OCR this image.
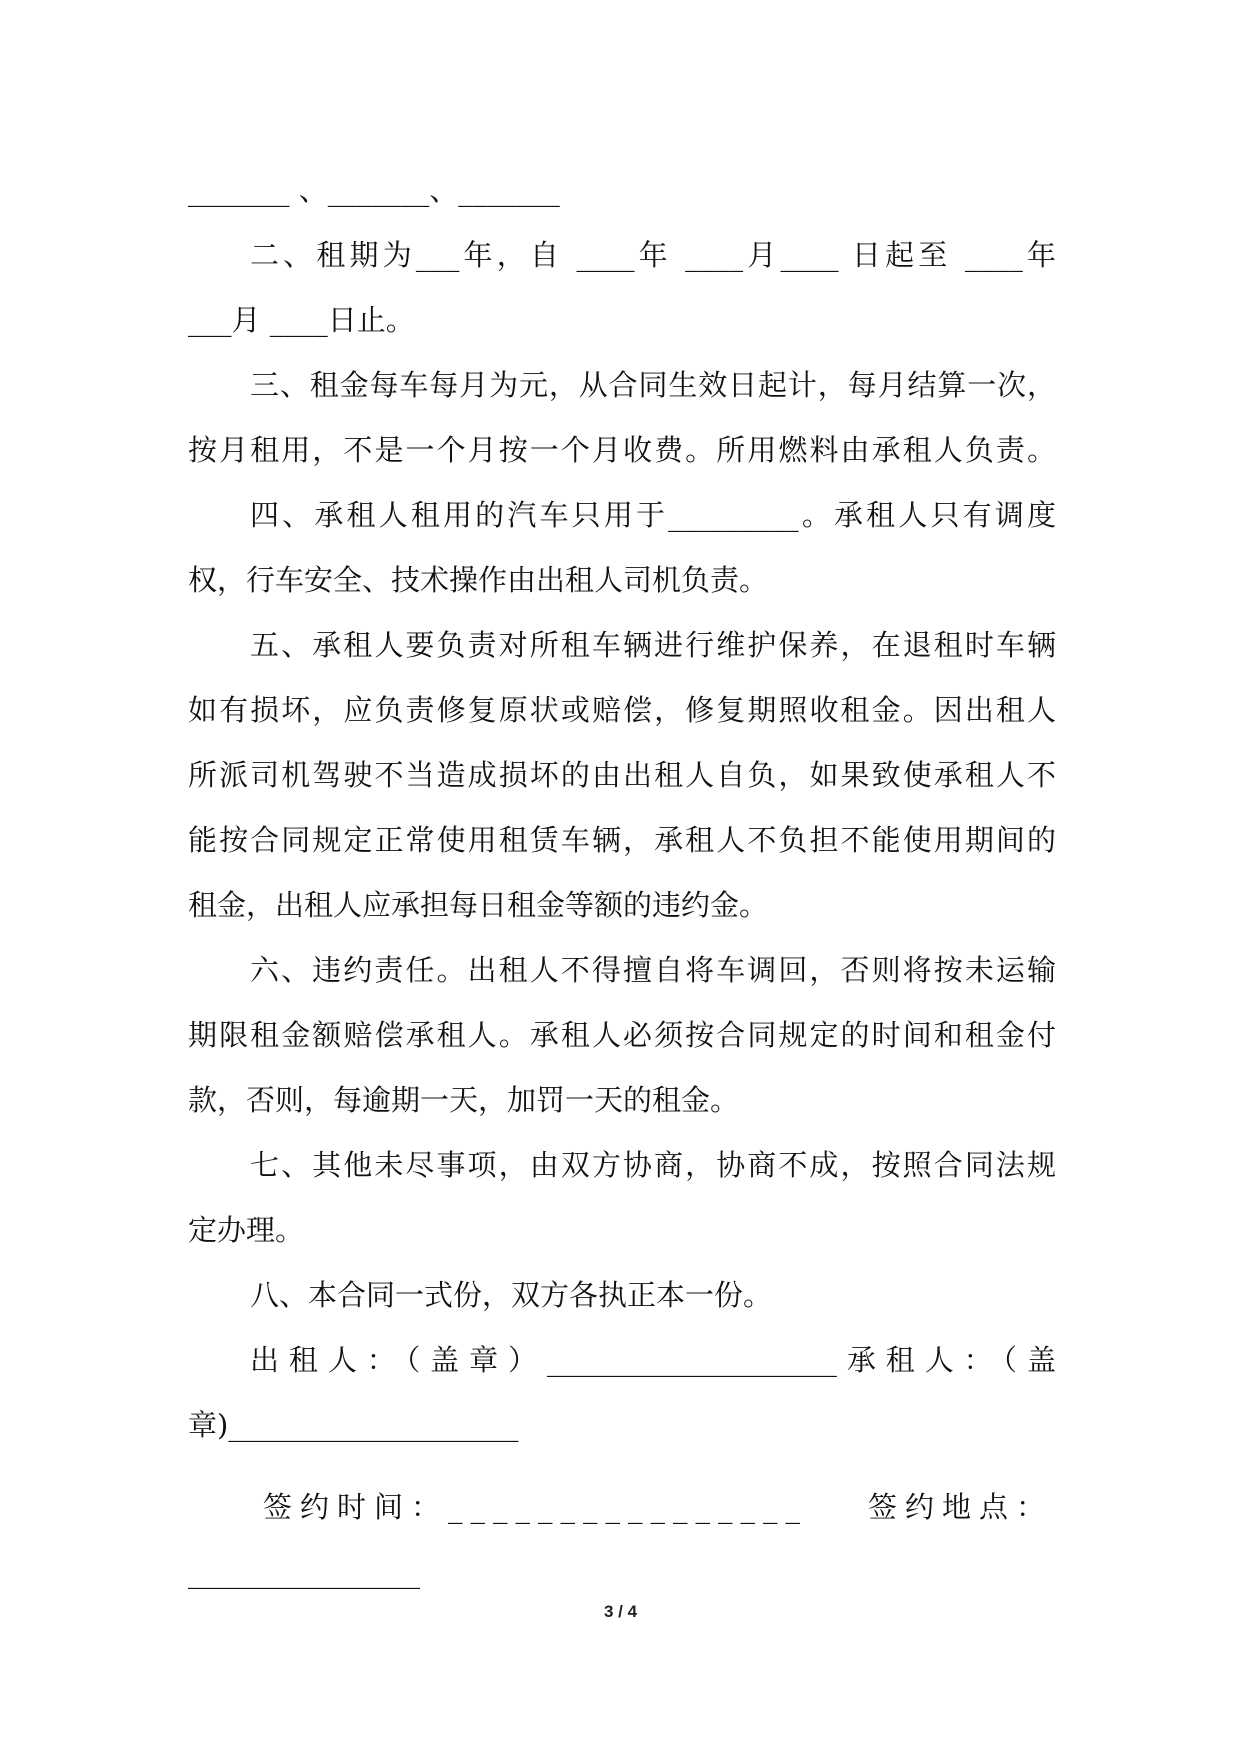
_______ 、_______、_______
二、租期为___年，自 ____年 ____月____ 日起至 ____年
___月 ____日止。
三、租金每车每月为元，从合同生效日起计，每月结算一次，
按月租用，不是一个月按一个月收费。所用燃料由承租人负责。
四、承租人租用的汽车只用于_________。承租人只有调度
权，行车安全、技术操作由出租人司机负责。
五、承租人要负责对所租车辆进行维护保养，在退租时车辆
如有损坏，应负责修复原状或赔偿，修复期照收租金。因出租人
所派司机驾驶不当造成损坏的由出租人自负，如果致使承租人不
能按合同规定正常使用租赁车辆，承租人不负担不能使用期间的
租金，出租人应承担每日租金等额的违约金。
六、违约责任。出租人不得擅自将车调回，否则将按未运输
期限租金额赔偿承租人。承租人必须按合同规定的时间和租金付
款，否则，每逾期一天，加罚一天的租金。
七、其他未尽事项，由双方协商，协商不成，按照合同法规
定办理。
八、本合同一式份，双方各执正本一份。
出租人：（盖章）____________________承租人：（盖
章)____________________
签约时间：________________ 签约地点：
________________
3 / 4
